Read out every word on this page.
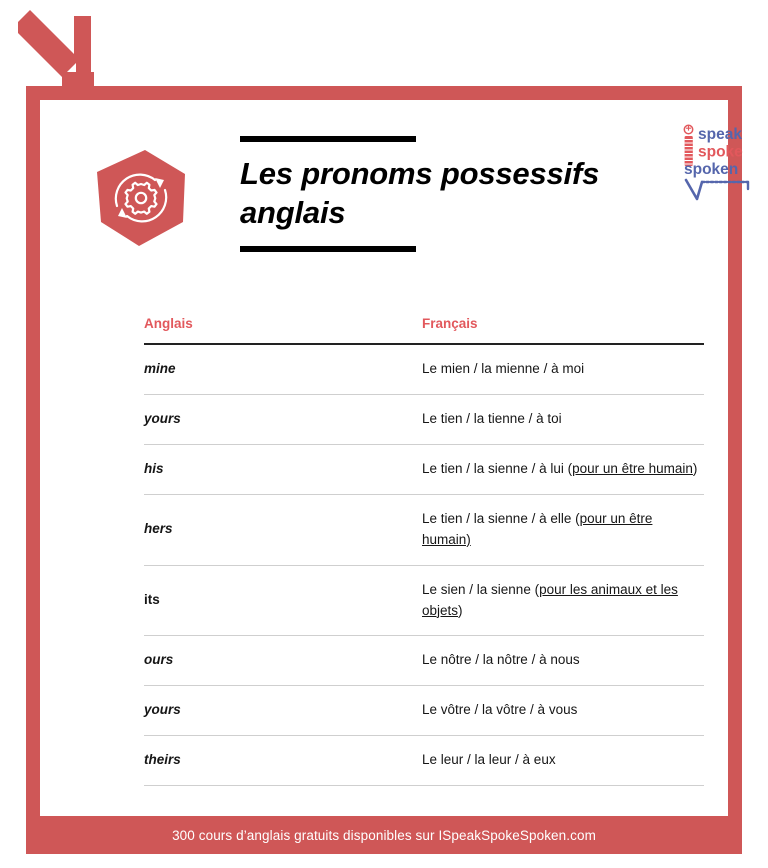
Les pronoms possessifs
anglais
speak
spoke
spoken
Anglais	Français
mine	Le mien / la mienne / à moi
yours	Le tien / la tienne / à toi
his	Le tien / la sienne / à lui (pour un être humain)
hers	Le tien / la sienne / à elle (pour un être humain)
its	Le sien / la sienne (pour les animaux et les objets)
ours	Le nôtre / la nôtre / à nous
yours	Le vôtre / la vôtre / à vous
theirs	Le leur / la leur / à eux
300 cours d’anglais gratuits disponibles sur ISpeakSpokeSpoken.com
